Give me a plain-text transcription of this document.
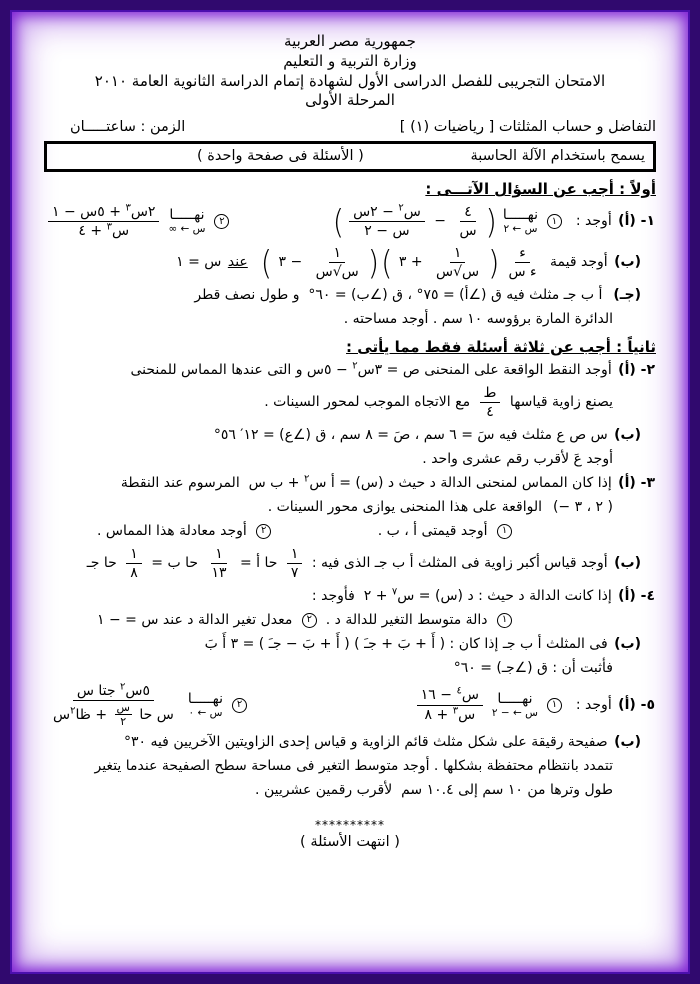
جمهورية مصر العربية
وزارة التربية و التعليم
الامتحان التجريبى للفصل الدراسى الأول لشهادة إتمام الدراسة الثانوية العامة ٢٠١٠
المرحلة الأولى
التفاضل و حساب المثلثات [ رياضيات (١) ]
الزمن : ساعتـــــان
يسمح باستخدام الآلة الحاسبة
( الأسئلة فى صفحة واحدة )
أولاً : أجب عن السؤال الآتـــى :
١- (أ)
أوجد :
١
نهـــــا
س ← ٢
)
٤
س
−
س$^٢$ − ٢س
س − ٢
(
٢
نهـــــا
س ← ∞
٢س$^٣$ + ٥س − ١
س$^٣$ + ٤
(ب)
أوجد قيمة
ء
ء س
)
١
س√س
+ ٣
(
)
١
س√س
− ٣
(

عند
س = ١
(جـ)
أ ب جـ مثلث فيه ق (∠أ) = ٧٥° ، ق (∠ب) = ٦٠°  و طول نصف قطر
الدائرة المارة برؤوسه ١٠ سم . أوجد مساحته .
ثانياً : أجب عن ثلاثة أسئلة فقط مما يأتى :
٢- (أ)
أوجد النقط الواقعة على المنحنى ص = ٣س$^٢$ − ٥س و التى عندها المماس للمنحنى
يصنع زاوية قياسها
ط
٤
مع الاتجاه الموجب لمحور السينات .
(ب)
س ص ع مثلث فيه سَ = ٦ سم ، صَ = ٨ سم ، ق (∠ع) = ١٢′ ٥٦°
أوجد عَ لأقرب رقم عشرى واحد .
٣- (أ)
إذا كان المماس لمنحنى الدالة د حيث د (س) = أ س$^٢$ + ب س  المرسوم عند النقطة
(− ٢ ، ٣ )
الواقعة على هذا المنحنى يوازى محور السينات .
١
أوجد قيمتى أ ، ب .
٢
أوجد معادلة هذا المماس .
(ب)
أوجد قياس أكبر زاوية فى المثلث أ ب جـ الذى فيه :
١
٧
حا أ =
١
١٣
حا ب =
١
٨
حا جـ
٤- (أ)
إذا كانت الدالة د حيث : د (س) = س$^٧$ + ٢  فأوجد :
١
دالة متوسط التغير للدالة د .
٢
معدل تغير الدالة د عند س = − ١
(ب)
فى المثلث أ ب جـ إذا كان : ( أَ + بَ + جـَ ) ( أَ + بَ − جـَ ) = ٣ أَ بَ
فأثبت أن : ق (∠جـ) = ٦٠°
٥- (أ)
أوجد :
١
نهـــــا
س ← − ٢
س$^٤$ − ١٦
س$^٣$ + ٨
٢
نهـــــا
س ← ٠
٥س$^٢$ جتا س
س حا
س
٢
+ ظا$^٢$س
(ب)
صفيحة رقيقة على شكل مثلث قائم الزاوية و قياس إحدى الزاويتين الآخريين فيه ٣٠°
تتمدد بانتظام محتفظة بشكلها . أوجد متوسط التغير فى مساحة سطح الصفيحة عندما يتغير
طول وترها من ١٠ سم إلى ١٠.٤ سم  لأقرب رقمين عشريين .
**********
( انتهت الأسئلة )
